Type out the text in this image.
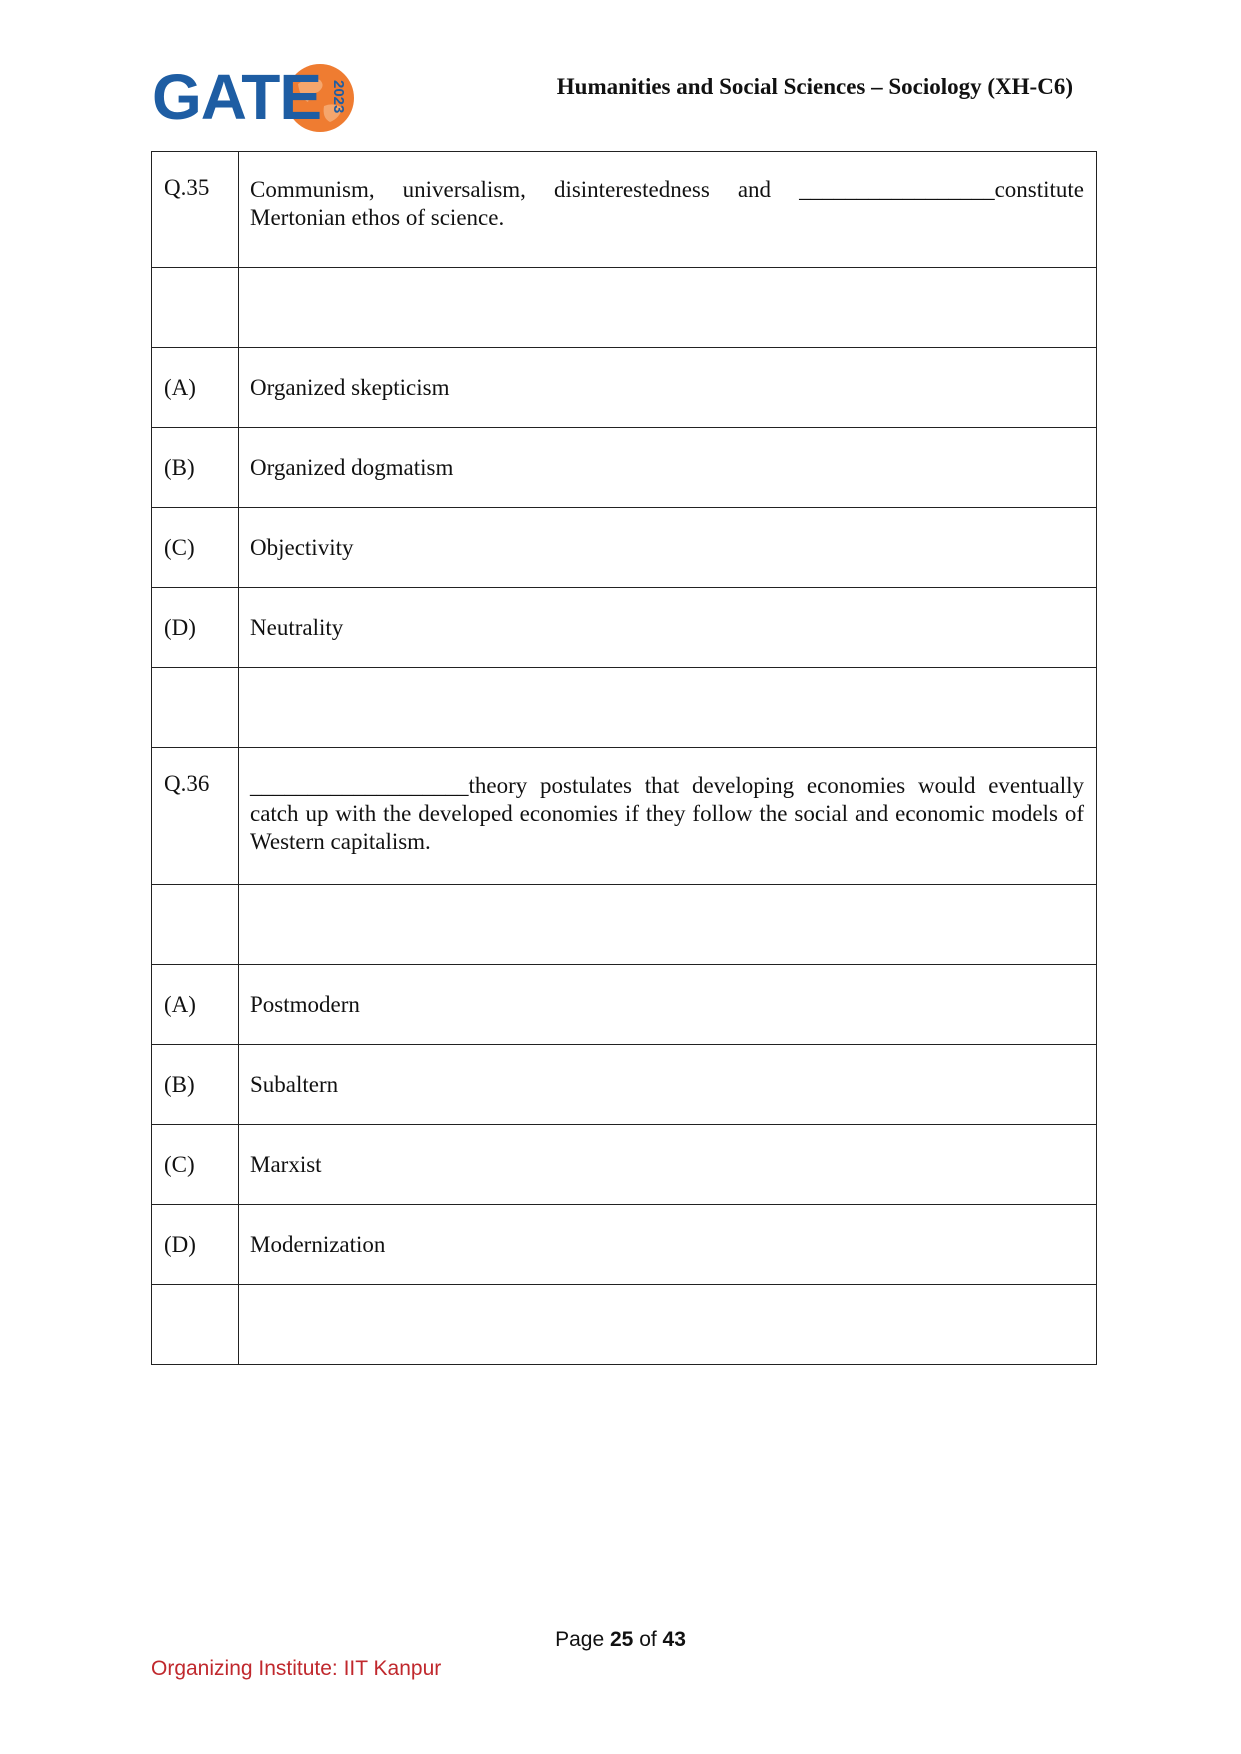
GATE 2023	Humanities and Social Sciences – Sociology (XH-C6)
Q.35	Communism, universalism, disinterestedness and _________________constitute Mertonian ethos of science.

(A)	Organized skepticism
(B)	Organized dogmatism
(C)	Objectivity
(D)	Neutrality

Q.36	___________________theory postulates that developing economies would eventually catch up with the developed economies if they follow the social and economic models of Western capitalism.

(A)	Postmodern
(B)	Subaltern
(C)	Marxist
(D)	Modernization

Page 25 of 43
Organizing Institute: IIT Kanpur
